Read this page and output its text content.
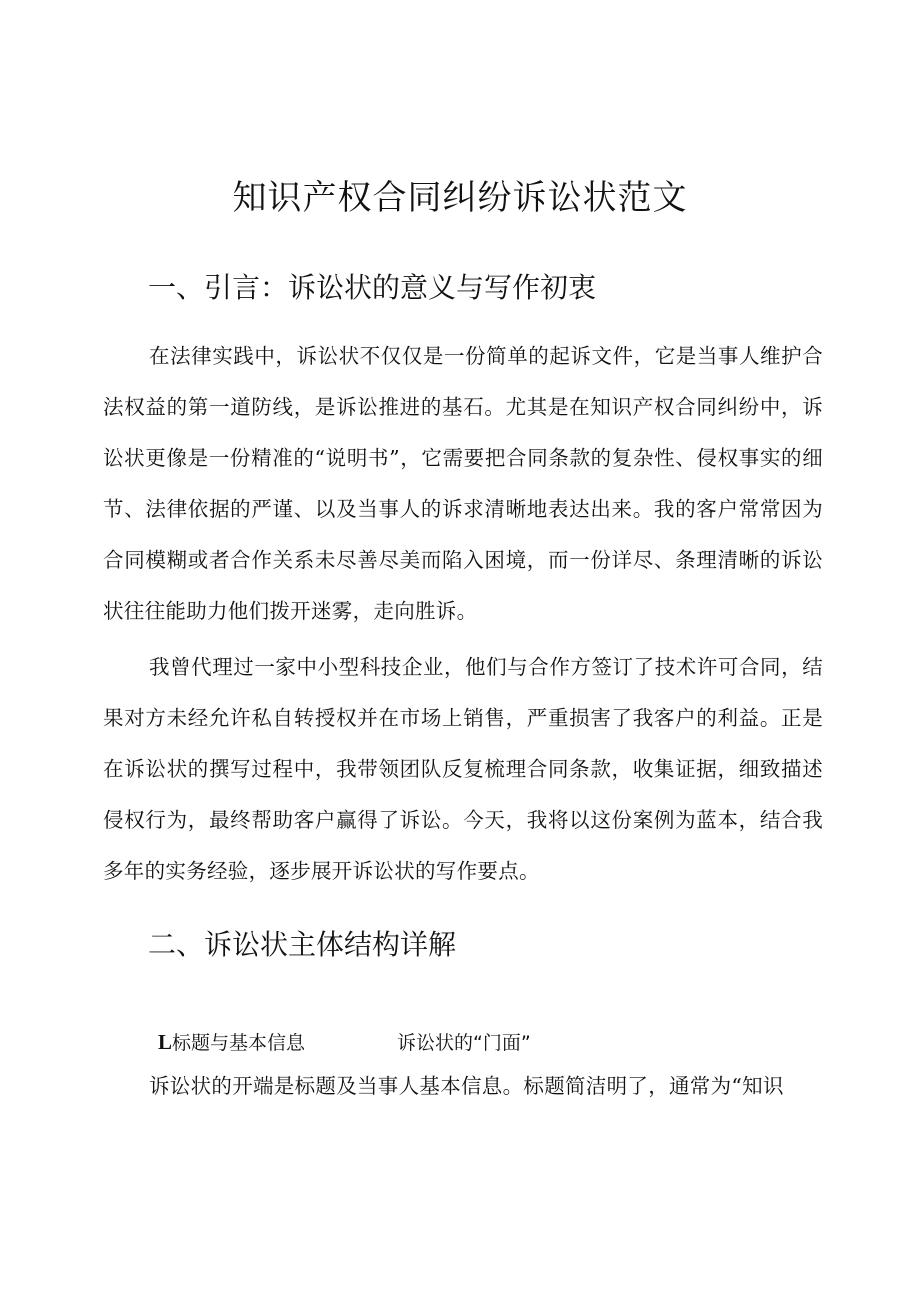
知识产权合同纠纷诉讼状范文
一、引言：诉讼状的意义与写作初衷

在法律实践中，诉讼状不仅仅是一份简单的起诉文件，它是当事人维护合法权益的第一道防线，是诉讼推进的基石。尤其是在知识产权合同纠纷中，诉讼状更像是一份精准的“说明书”，它需要把合同条款的复杂性、侵权事实的细节、法律依据的严谨、以及当事人的诉求清晰地表达出来。我的客户常常因为合同模糊或者合作关系未尽善尽美而陷入困境，而一份详尽、条理清晰的诉讼状往往能助力他们拨开迷雾，走向胜诉。

我曾代理过一家中小型科技企业，他们与合作方签订了技术许可合同，结果对方未经允许私自转授权并在市场上销售，严重损害了我客户的利益。正是在诉讼状的撰写过程中，我带领团队反复梳理合同条款，收集证据，细致描述侵权行为，最终帮助客户赢得了诉讼。今天，我将以这份案例为蓝本，结合我多年的实务经验，逐步展开诉讼状的写作要点。

二、诉讼状主体结构详解
L标题与基本信息	诉讼状的“门面”

诉讼状的开端是标题及当事人基本信息。标题简洁明了，通常为“知识
